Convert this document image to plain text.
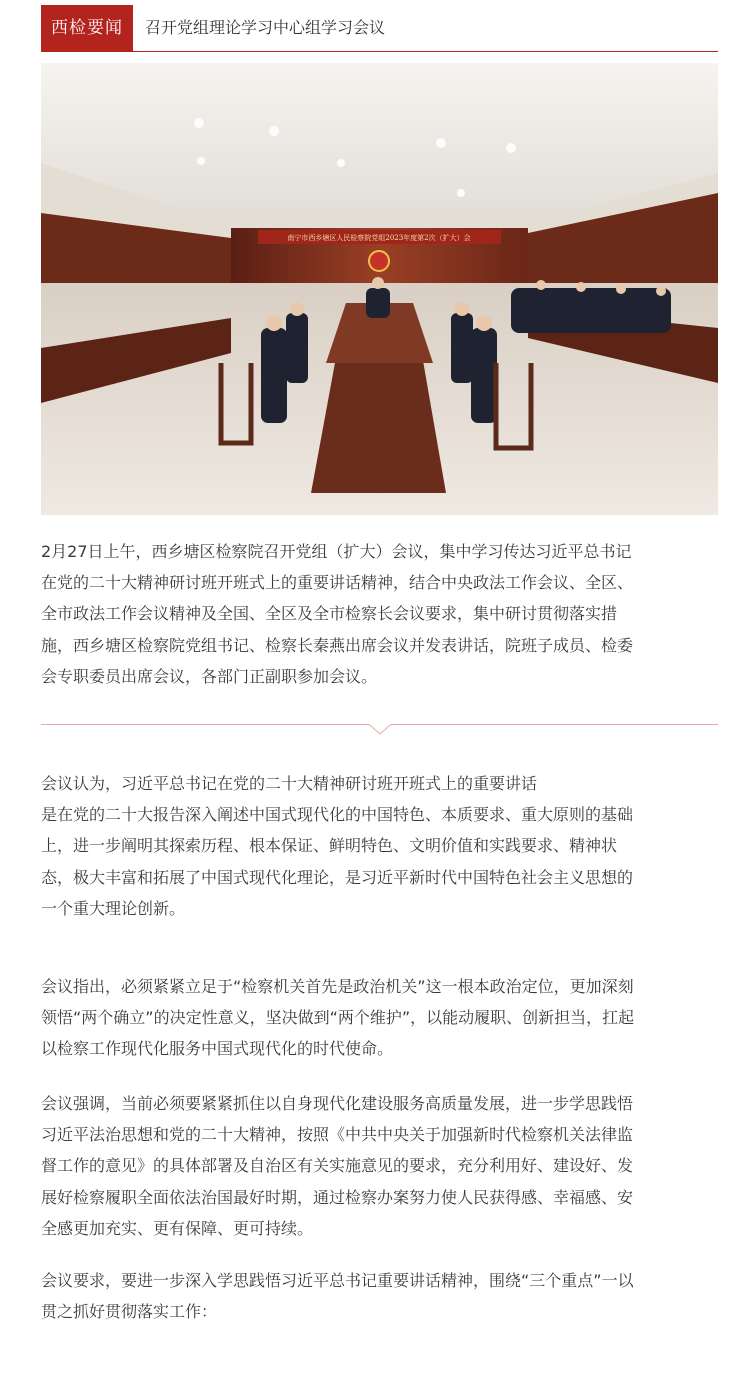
西检要闻	召开党组理论学习中心组学习会议
南宁市西乡塘区人民检察院党组2023年度第2次（扩大）会
2月27日上午，西乡塘区检察院召开党组（扩大）会议，集中学习传达习近平总书记
在党的二十大精神研讨班开班式上的重要讲话精神，结合中央政法工作会议、全区、
全市政法工作会议精神及全国、全区及全市检察长会议要求，集中研讨贯彻落实措
施，西乡塘区检察院党组书记、检察长秦燕出席会议并发表讲话，院班子成员、检委
会专职委员出席会议，各部门正副职参加会议。
会议认为，习近平总书记在党的二十大精神研讨班开班式上的重要讲话
是在党的二十大报告深入阐述中国式现代化的中国特色、本质要求、重大原则的基础
上，进一步阐明其探索历程、根本保证、鲜明特色、文明价值和实践要求、精神状
态，极大丰富和拓展了中国式现代化理论，是习近平新时代中国特色社会主义思想的
一个重大理论创新。
会议指出，必须紧紧立足于“检察机关首先是政治机关”这一根本政治定位，更加深刻
领悟“两个确立”的决定性意义，坚决做到“两个维护”，以能动履职、创新担当，扛起
以检察工作现代化服务中国式现代化的时代使命。
会议强调，当前必须要紧紧抓住以自身现代化建设服务高质量发展，进一步学思践悟
习近平法治思想和党的二十大精神，按照《中共中央关于加强新时代检察机关法律监
督工作的意见》的具体部署及自治区有关实施意见的要求，充分利用好、建设好、发
展好检察履职全面依法治国最好时期，通过检察办案努力使人民获得感、幸福感、安
全感更加充实、更有保障、更可持续。
会议要求，要进一步深入学思践悟习近平总书记重要讲话精神，围绕“三个重点”一以
贯之抓好贯彻落实工作：
